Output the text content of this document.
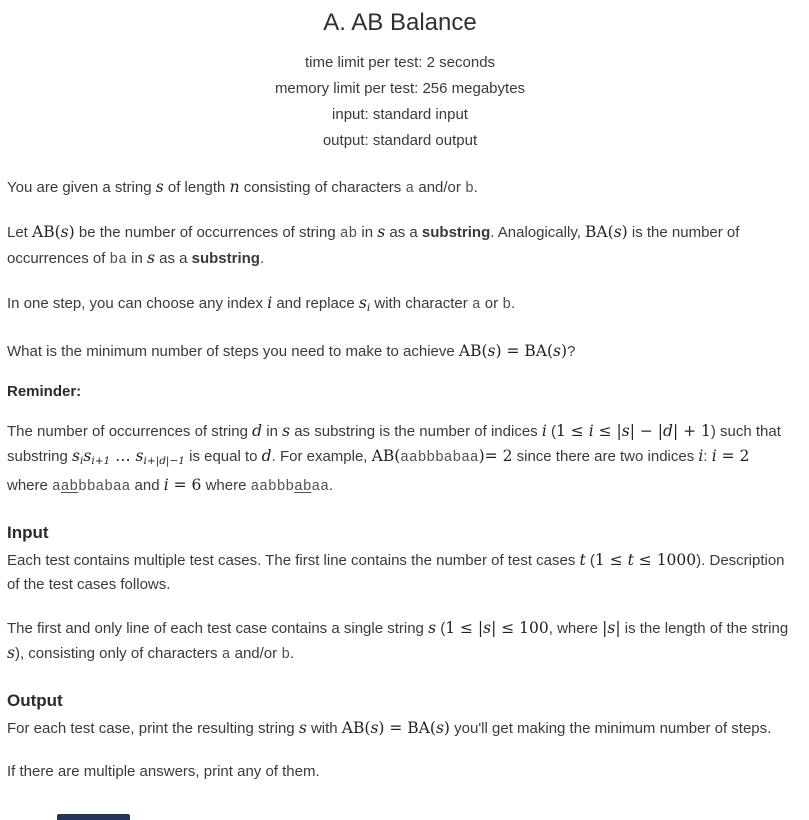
A. AB Balance
time limit per test: 2 seconds
memory limit per test: 256 megabytes
input: standard input
output: standard output

You are given a string s of length n consisting of characters a and/or b.

Let AB(s) be the number of occurrences of string ab in s as a substring. Analogically, BA(s) is the number of occurrences of ba in s as a substring.

In one step, you can choose any index i and replace $s_i$ with character a or b.

What is the minimum number of steps you need to make to achieve AB(s) = BA(s)?

Reminder:

The number of occurrences of string d in s as substring is the number of indices i (1 ≤ i ≤ |s| − |d| + 1) such that substring $s_is_{i+1}$ … $s_{i+|d|-1}$ is equal to d. For example, AB(aabbbabaa)= 2 since there are two indices i: i = 2 where aabbbabaa and i = 6 where aabbbabaa.

Input

Each test contains multiple test cases. The first line contains the number of test cases t (1 ≤ t ≤ 1000). Description of the test cases follows.

The first and only line of each test case contains a single string s (1 ≤ |s| ≤ 100, where |s| is the length of the string s), consisting only of characters a and/or b.

Output

For each test case, print the resulting string s with AB(s) = BA(s) you'll get making the minimum number of steps.

If there are multiple answers, print any of them.
